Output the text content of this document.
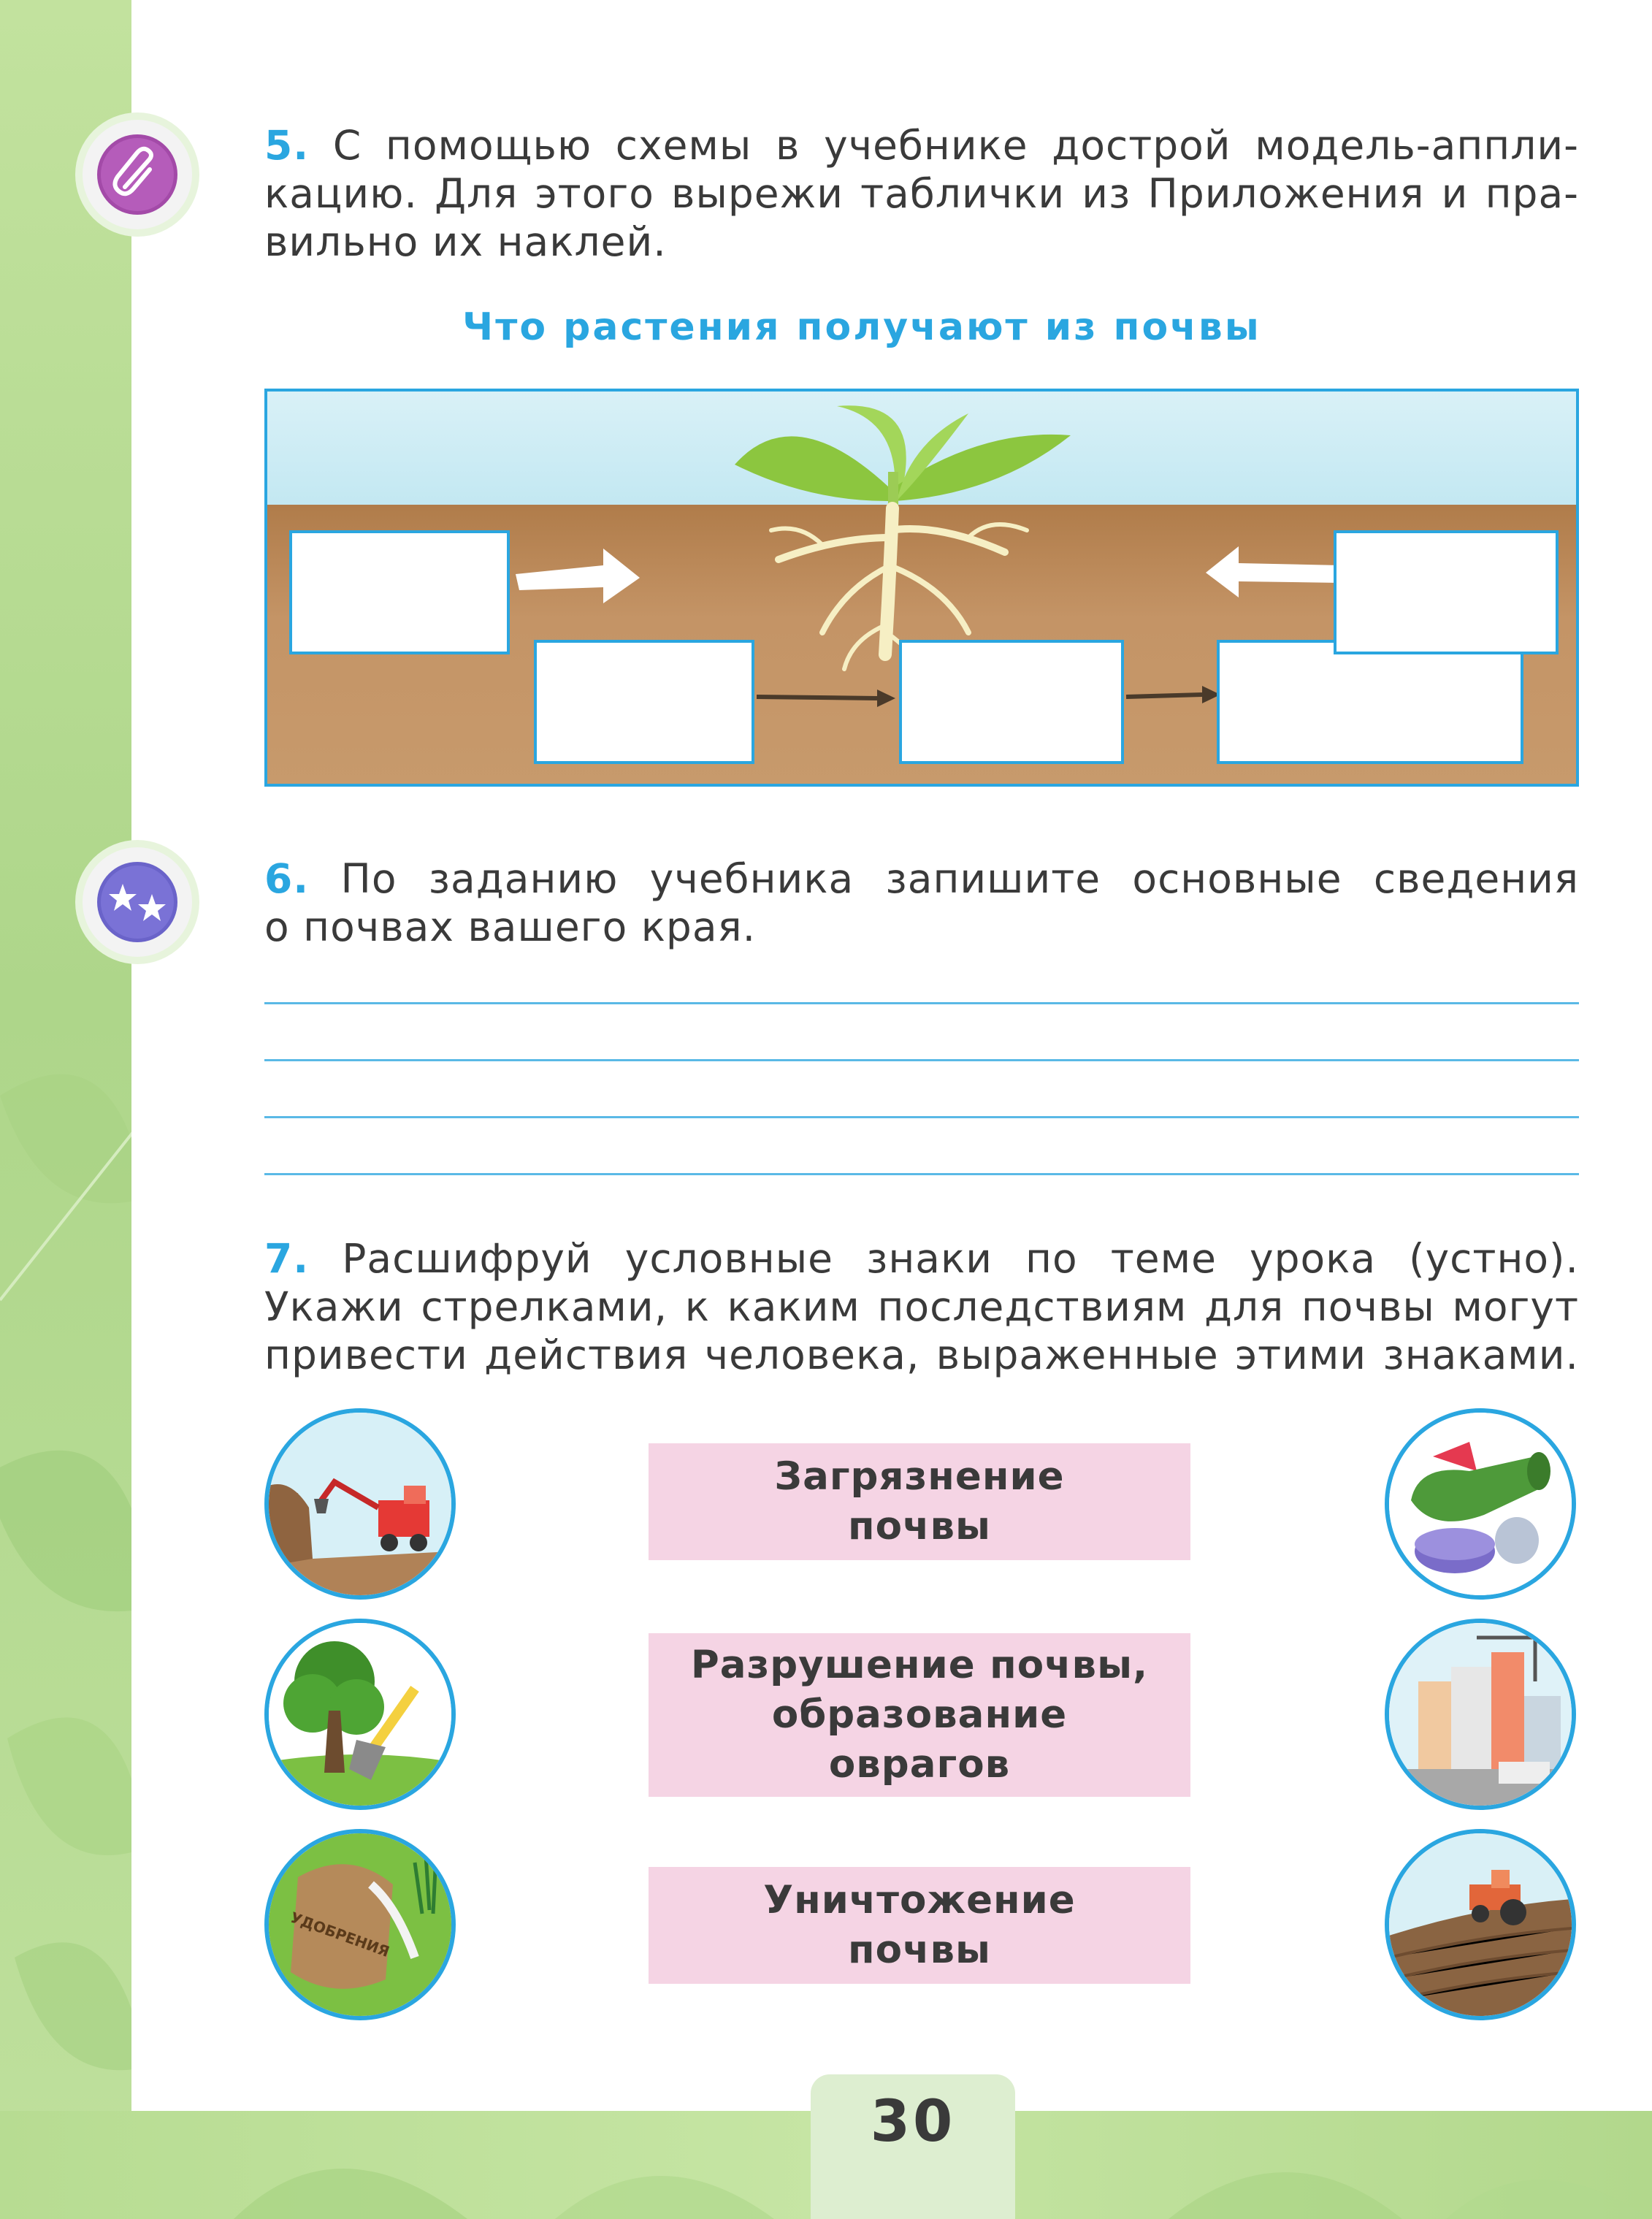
5. С помощью схемы в учебнике дострой модель-аппли-
кацию. Для этого вырежи таблички из Приложения и пра-
вильно их наклей.
Что растения получают из почвы
6. По заданию учебника запишите основные сведения
о почвах вашего края.
7. Расшифруй условные знаки по теме урока (устно).
Укажи стрелками, к каким последствиям для почвы могут
привести действия человека, выраженные этими знаками.
УДОБРЕНИЯ
Загрязнение
почвы
Разрушение почвы,
образование
оврагов
Уничтожение
почвы
30
